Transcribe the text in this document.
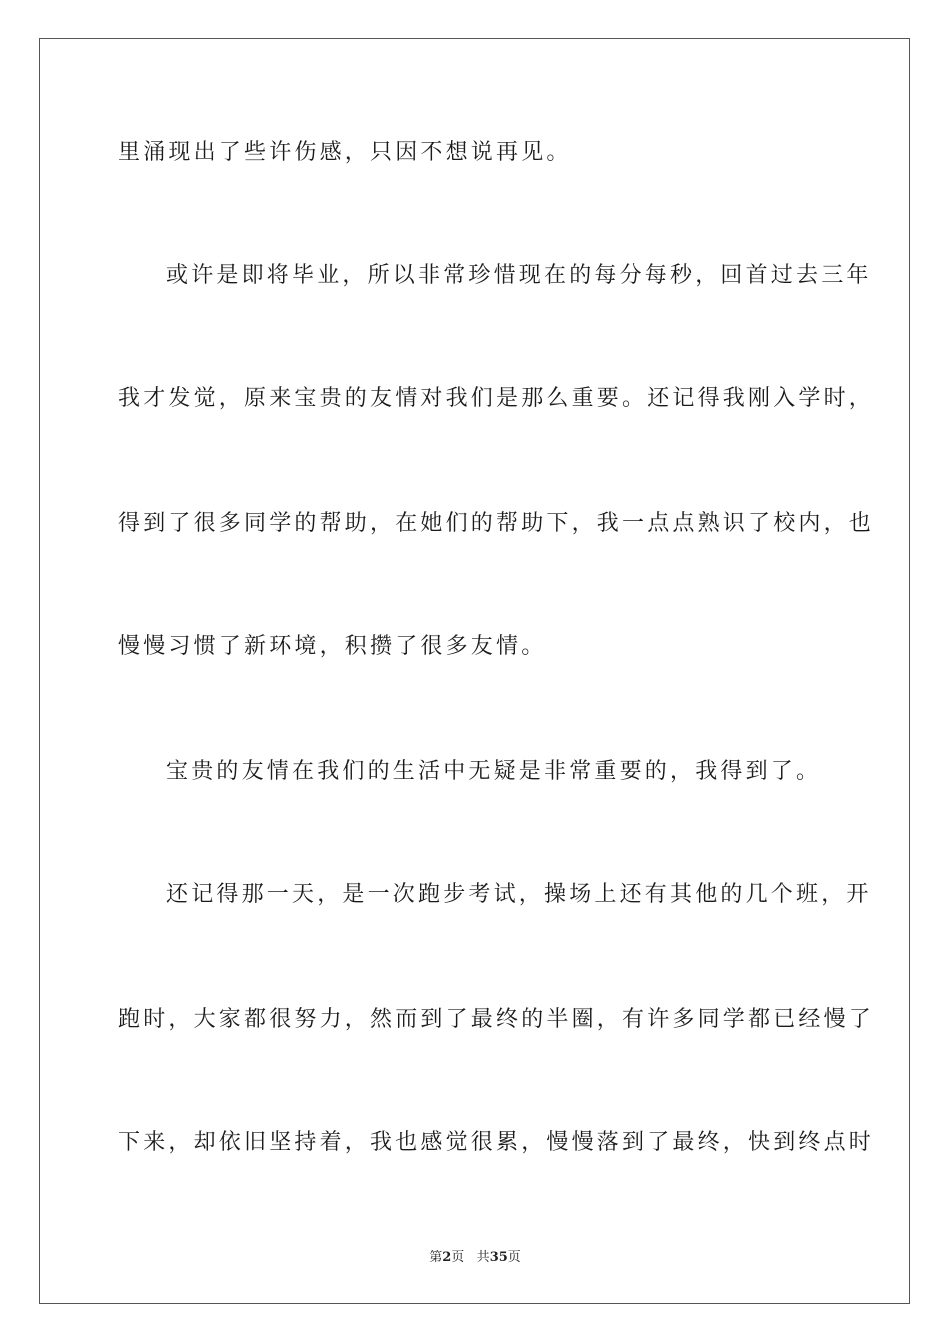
里涌现出了些许伤感，只因不想说再见。
或许是即将毕业，所以非常珍惜现在的每分每秒，回首过去三年
我才发觉，原来宝贵的友情对我们是那么重要。还记得我刚入学时，
得到了很多同学的帮助，在她们的帮助下，我一点点熟识了校内，也
慢慢习惯了新环境，积攒了很多友情。
宝贵的友情在我们的生活中无疑是非常重要的，我得到了。
还记得那一天，是一次跑步考试，操场上还有其他的几个班，开
跑时，大家都很努力，然而到了最终的半圈，有许多同学都已经慢了
下来，却依旧坚持着，我也感觉很累，慢慢落到了最终，快到终点时
第2页 共35页
